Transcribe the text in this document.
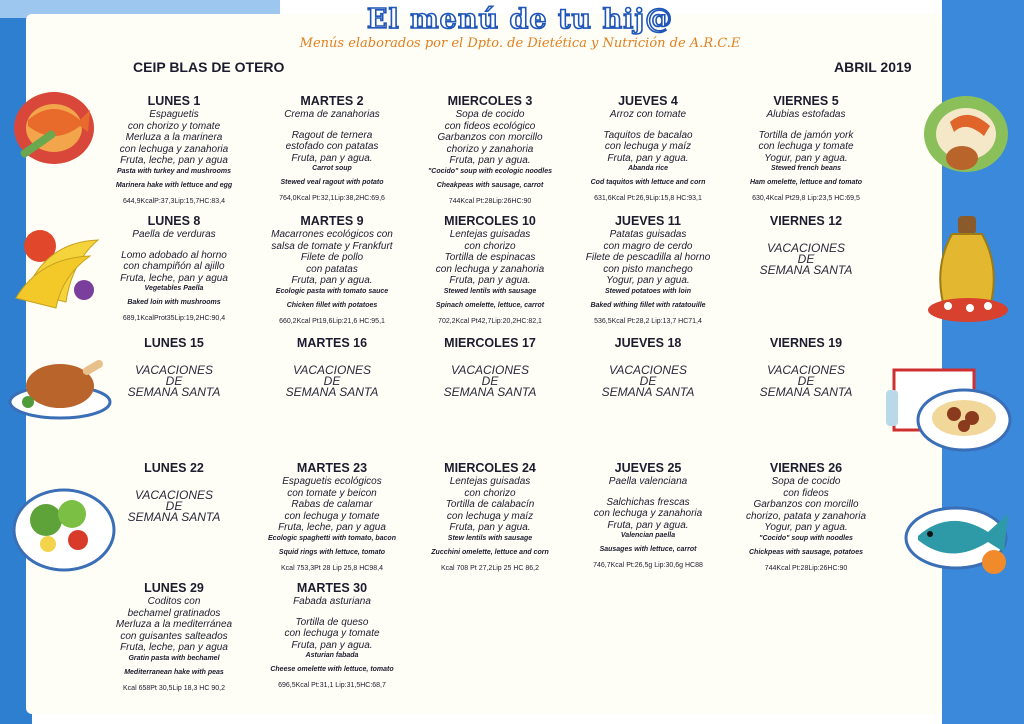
El menú de tu hij@
Menús elaborados por el Dpto. de Dietética y Nutrición de A.R.C.E
CEIP BLAS DE OTERO	ABRIL 2019
LUNES 1
Espaguetis
con chorizo y tomate
Merluza a la marinera
con lechuga y zanahoria
Fruta, leche, pan y agua
Pasta with turkey and mushrooms
Marinera hake with lettuce and egg
644,9KcalP:37,3Lip:15,7HC:83,4
MARTES 2
Crema de zanahorias
Ragout de ternera
estofado con patatas
Fruta, pan y agua.
Carrot soup
Stewed veal ragout with potato
764,0Kcal Pt:32,1Lip:38,2HC:69,6
MIERCOLES 3
Sopa de cocido
con fideos ecológico
Garbanzos con morcillo
chorizo y zanahoria
Fruta, pan y agua.
"Cocido" soup with ecologic noodles
Cheakpeas with sausage, carrot
744Kcal Pt:28Lip:26HC:90
JUEVES 4
Arroz con tomate
Taquitos de bacalao
con lechuga y maíz
Fruta, pan y agua.
Abanda rice
Cod taquitos with lettuce and corn
631,6Kcal Pt:26,9Lip:15,8 HC:93,1
VIERNES 5
Alubias estofadas
Tortilla de jamón york
con lechuga y tomate
Yogur, pan y agua.
Stewed french beans
Ham omelette, lettuce and tomato
630,4Kcal Pt29,8 Lip:23,5 HC:69,5
LUNES 8
Paella de verduras
Lomo adobado al horno
con champiñón al ajillo
Fruta, leche, pan y agua
Vegetables Paella
Baked loin with mushrooms
689,1KcalProt35Lip:19,2HC:90,4
MARTES 9
Macarrones ecológicos con
salsa de tomate y Frankfurt
Filete de pollo
con patatas
Fruta, pan y agua.
Ecologic pasta with tomato sauce
Chicken fillet with potatoes
660,2Kcal Pt19,6Lip:21,6 HC:95,1
MIERCOLES 10
Lentejas guisadas
con chorizo
Tortilla de espinacas
con lechuga y zanahoria
Fruta, pan y agua.
Stewed lentils with sausage
Spinach omelette, lettuce, carrot
702,2Kcal Pt42,7Lip:20,2HC:82,1
JUEVES 11
Patatas guisadas
con magro de cerdo
Filete de pescadilla al horno
con pisto manchego
Yogur, pan y agua.
Stewed potatoes with loin
Baked withing fillet with ratatouille
536,5Kcal Pt:28,2 Lip:13,7 HC71,4
VIERNES 12
VACACIONES
DE
SEMANA SANTA
LUNES 15
VACACIONES
DE
SEMANA SANTA
MARTES 16
VACACIONES
DE
SEMANA SANTA
MIERCOLES 17
VACACIONES
DE
SEMANA SANTA
JUEVES 18
VACACIONES
DE
SEMANA SANTA
VIERNES 19
VACACIONES
DE
SEMANA SANTA
LUNES 22
VACACIONES
DE
SEMANA SANTA
MARTES 23
Espaguetis ecológicos
con tomate y beicon
Rabas de calamar
con lechuga y tomate
Fruta, leche, pan y agua
Ecologic spaghetti with tomato, bacon
Squid rings with lettuce, tomato
Kcal 753,3Pt 28 Lip 25,8 HC98,4
MIERCOLES 24
Lentejas guisadas
con chorizo
Tortilla de calabacín
con lechuga y maíz
Fruta, pan y agua.
Stew lentils with sausage
Zucchini omelette, lettuce and corn
Kcal 708 Pt 27,2Lip 25 HC 86,2
JUEVES 25
Paella valenciana
Salchichas frescas
con lechuga y zanahoria
Fruta, pan y agua.
Valencian paella
Sausages with lettuce, carrot
746,7Kcal Pt:26,5g Lip:30,6g HC88
VIERNES 26
Sopa de cocido
con fideos
Garbanzos con morcillo
chorizo, patata y zanahoria
Yogur, pan y agua.
"Cocido" soup with noodles
Chickpeas with sausage, potatoes
744Kcal Pt:28Lip:26HC:90
LUNES 29
Coditos con
bechamel gratinados
Merluza a la mediterránea
con guisantes salteados
Fruta, leche, pan y agua
Gratin pasta with bechamel
Mediterranean hake with peas
Kcal 658Pt 30,5Lip 18,3 HC 90,2
MARTES 30
Fabada asturiana
Tortilla de queso
con lechuga y tomate
Fruta, pan y agua.
Asturian fabada
Cheese omelette with lettuce, tomato
696,5Kcal Pt:31,1 Lip:31,5HC:68,7
